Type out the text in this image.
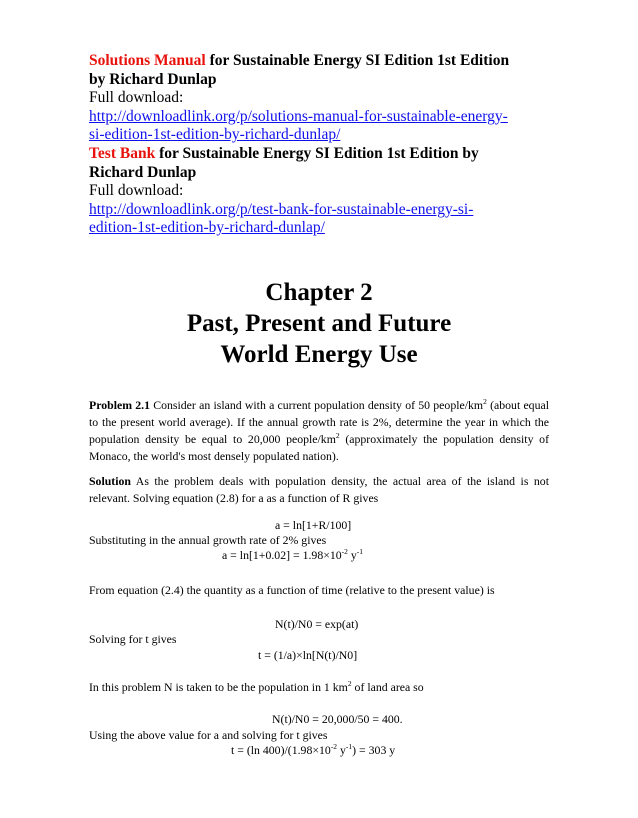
Solutions Manual for Sustainable Energy SI Edition 1st Edition
by Richard Dunlap
Full download:
http://downloadlink.org/p/solutions-manual-for-sustainable-energy-
si-edition-1st-edition-by-richard-dunlap/
Test Bank for Sustainable Energy SI Edition 1st Edition by
Richard Dunlap
Full download:
http://downloadlink.org/p/test-bank-for-sustainable-energy-si-
edition-1st-edition-by-richard-dunlap/
Chapter 2
Past, Present and Future
World Energy Use
Problem 2.1 Consider an island with a current population density of 50 people/$km^2$ (about equal to the present world average). If the annual growth rate is 2%, determine the year in which the population density be equal to 20,000 people/$km^2$ (approximately the population density of Monaco, the world's most densely populated nation).
Solution As the problem deals with population density, the actual area of the island is not relevant. Solving equation (2.8) for a as a function of R gives
a = ln[1+R/100]
Substituting in the annual growth rate of 2% gives
$a = \ln[1+0.02] = 1.98\times 10^{-2}$ $y^{-1}$
From equation (2.4) the quantity as a function of time (relative to the present value) is
N(t)/N0 = exp(at)
Solving for t gives
t = (1/a)×ln[N(t)/N0]
In this problem N is taken to be the population in 1 $km^2$ of land area so
N(t)/N0 = 20,000/50 = 400.
Using the above value for a and solving for t gives
t = (ln $400)/(1.98\times 10^{-2}$ $y^{-1}) = 303$ y
